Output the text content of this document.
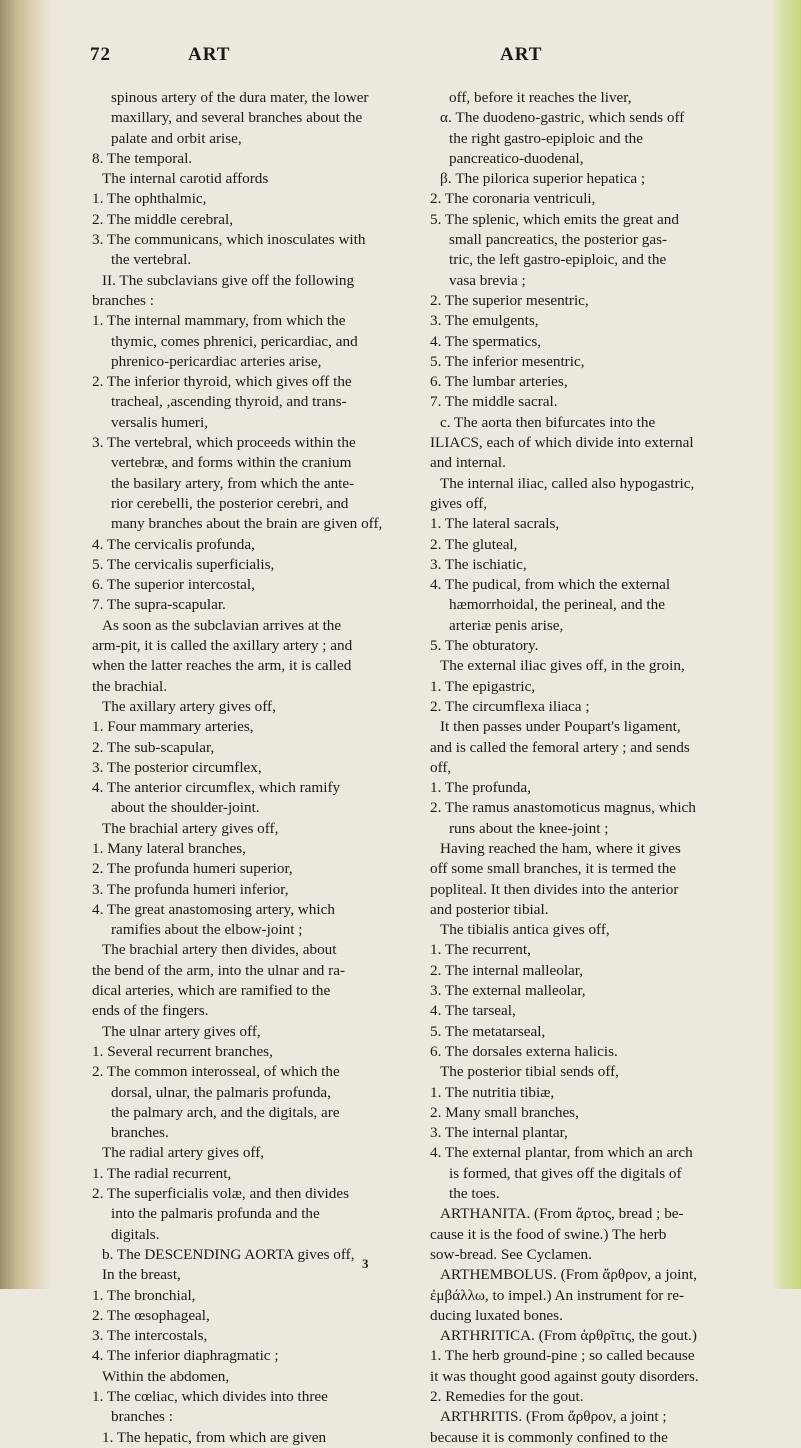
72	ART	ART
spinous artery of the dura mater, the lower
maxillary, and several branches about the
palate and orbit arise,
8. The temporal.
The internal carotid affords
1. The ophthalmic,
2. The middle cerebral,
3. The communicans, which inosculates with
the vertebral.
II. The subclavians give off the following
branches :
1. The internal mammary, from which the
thymic, comes phrenici, pericardiac, and
phrenico-pericardiac arteries arise,
2. The inferior thyroid, which gives off the
tracheal, ,ascending thyroid, and trans-
versalis humeri,
3. The vertebral, which proceeds within the
vertebræ, and forms within the cranium
the basilary artery, from which the ante-
rior cerebelli, the posterior cerebri, and
many branches about the brain are given off,
4. The cervicalis profunda,
5. The cervicalis superficialis,
6. The superior intercostal,
7. The supra-scapular.
As soon as the subclavian arrives at the
arm-pit, it is called the axillary artery ; and
when the latter reaches the arm, it is called
the brachial.
The axillary artery gives off,
1. Four mammary arteries,
2. The sub-scapular,
3. The posterior circumflex,
4. The anterior circumflex, which ramify
about the shoulder-joint.
The brachial artery gives off,
1. Many lateral branches,
2. The profunda humeri superior,
3. The profunda humeri inferior,
4. The great anastomosing artery, which
ramifies about the elbow-joint ;
The brachial artery then divides, about
the bend of the arm, into the ulnar and ra-
dical arteries, which are ramified to the
ends of the fingers.
The ulnar artery gives off,
1. Several recurrent branches,
2. The common interosseal, of which the
dorsal, ulnar, the palmaris profunda,
the palmary arch, and the digitals, are
branches.
The radial artery gives off,
1. The radial recurrent,
2. The superficialis volæ, and then divides
into the palmaris profunda and the
digitals.
b. The DESCENDING AORTA gives off,
In the breast,
1. The bronchial,
2. The œsophageal,
3. The intercostals,
4. The inferior diaphragmatic ;
Within the abdomen,
1. The cœliac, which divides into three
branches :
1. The hepatic, from which are given
off, before it reaches the liver,
α. The duodeno-gastric, which sends off
the right gastro-epiploic and the
pancreatico-duodenal,
β. The pilorica superior hepatica ;
2. The coronaria ventriculi,
5. The splenic, which emits the great and
small pancreatics, the posterior gas-
tric, the left gastro-epiploic, and the
vasa brevia ;
2. The superior mesentric,
3. The emulgents,
4. The spermatics,
5. The inferior mesentric,
6. The lumbar arteries,
7. The middle sacral.
c. The aorta then bifurcates into the
ILIACS, each of which divide into external
and internal.
The internal iliac, called also hypogastric,
gives off,
1. The lateral sacrals,
2. The gluteal,
3. The ischiatic,
4. The pudical, from which the external
hæmorrhoidal, the perineal, and the
arteriæ penis arise,
5. The obturatory.
The external iliac gives off, in the groin,
1. The epigastric,
2. The circumflexa iliaca ;
It then passes under Poupart's ligament,
and is called the femoral artery ; and sends
off,
1. The profunda,
2. The ramus anastomoticus magnus, which
runs about the knee-joint ;
Having reached the ham, where it gives
off some small branches, it is termed the
popliteal. It then divides into the anterior
and posterior tibial.
The tibialis antica gives off,
1. The recurrent,
2. The internal malleolar,
3. The external malleolar,
4. The tarseal,
5. The metatarseal,
6. The dorsales externa halicis.
The posterior tibial sends off,
1. The nutritia tibiæ,
2. Many small branches,
3. The internal plantar,
4. The external plantar, from which an arch
is formed, that gives off the digitals of
the toes.
ARTHANITA. (From ἄρτος, bread ; be-
cause it is the food of swine.) The herb
sow-bread. See Cyclamen.
ARTHEMBOLUS. (From ἄρθρον, a joint,
ἐμβάλλω, to impel.) An instrument for re-
ducing luxated bones.
ARTHRITICA. (From ἀρθρῖτις, the gout.)
1. The herb ground-pine ; so called because
it was thought good against gouty disorders.
2. Remedies for the gout.
ARTHRITIS. (From ἄρθρον, a joint ;
because it is commonly confined to the
3
